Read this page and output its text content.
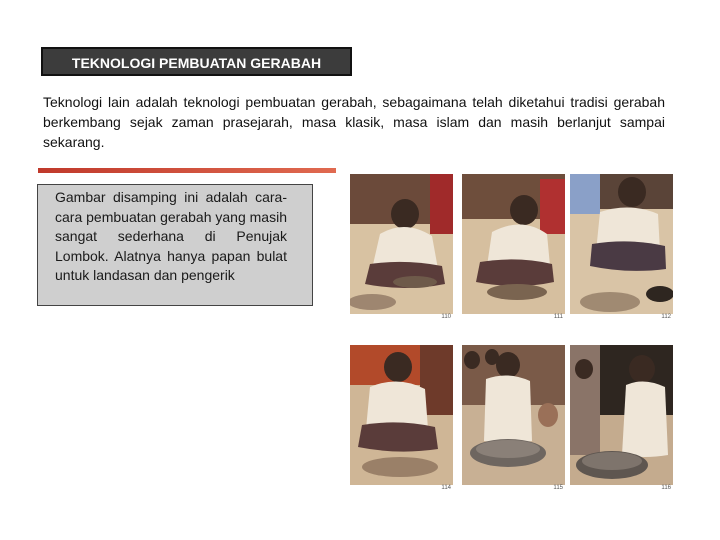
TEKNOLOGI PEMBUATAN GERABAH

Teknologi lain adalah teknologi pembuatan gerabah, sebagaimana telah diketahui tradisi gerabah berkembang sejak zaman prasejarah, masa klasik, masa islam dan masih berlanjut sampai sekarang.

Gambar disamping ini adalah cara-cara pembuatan gerabah yang masih sangat sederhana di Penujak Lombok. Alatnya hanya papan bulat untuk landasan dan pengerik

110	111	112
114	115	116
